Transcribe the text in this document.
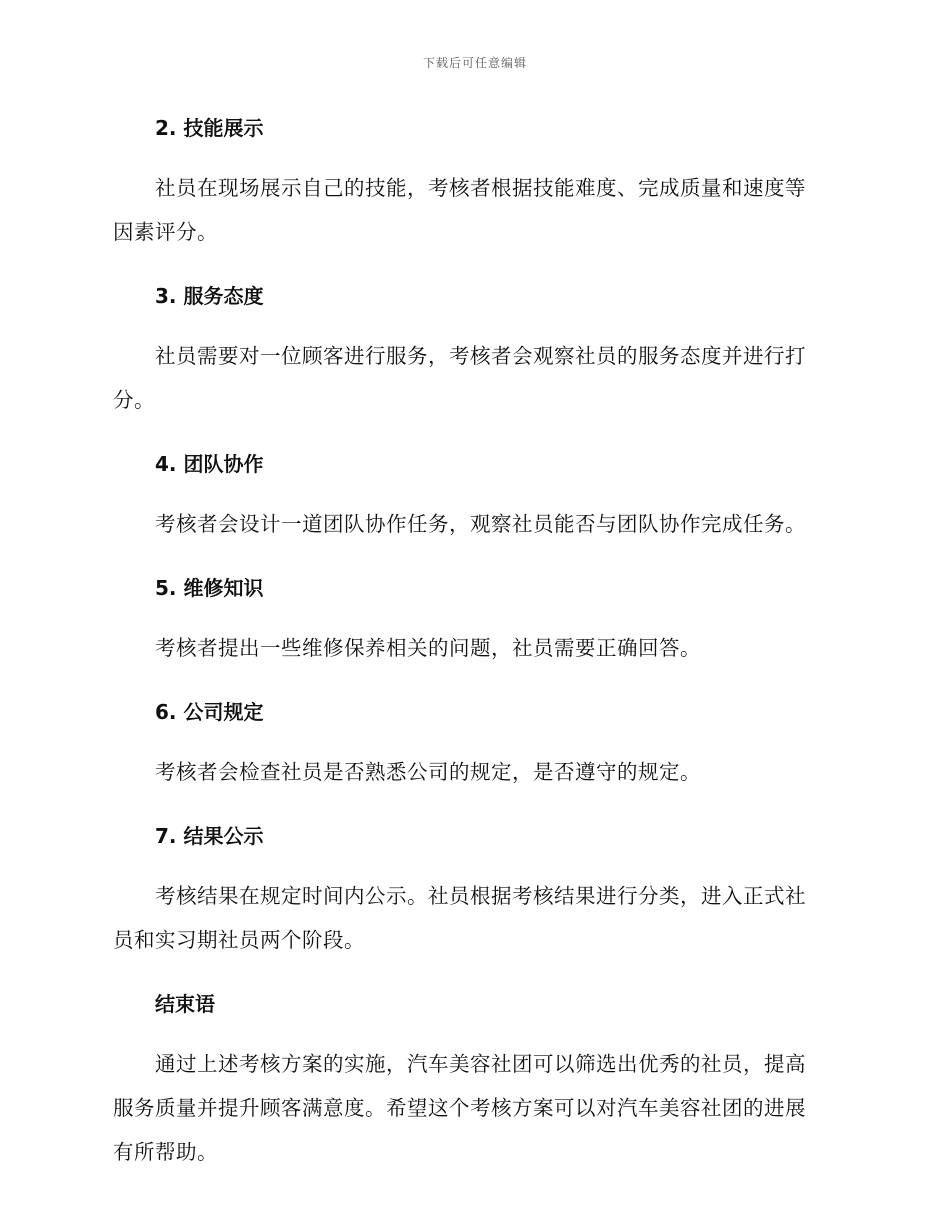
下载后可任意编辑
2. 技能展示

社员在现场展示自己的技能，考核者根据技能难度、完成质量和速度等
因素评分。

3. 服务态度

社员需要对一位顾客进行服务，考核者会观察社员的服务态度并进行打
分。

4. 团队协作

考核者会设计一道团队协作任务，观察社员能否与团队协作完成任务。

5. 维修知识

考核者提出一些维修保养相关的问题，社员需要正确回答。

6. 公司规定

考核者会检查社员是否熟悉公司的规定，是否遵守的规定。

7. 结果公示

考核结果在规定时间内公示。社员根据考核结果进行分类，进入正式社
员和实习期社员两个阶段。

结束语

通过上述考核方案的实施，汽车美容社团可以筛选出优秀的社员，提高
服务质量并提升顾客满意度。希望这个考核方案可以对汽车美容社团的进展
有所帮助。
